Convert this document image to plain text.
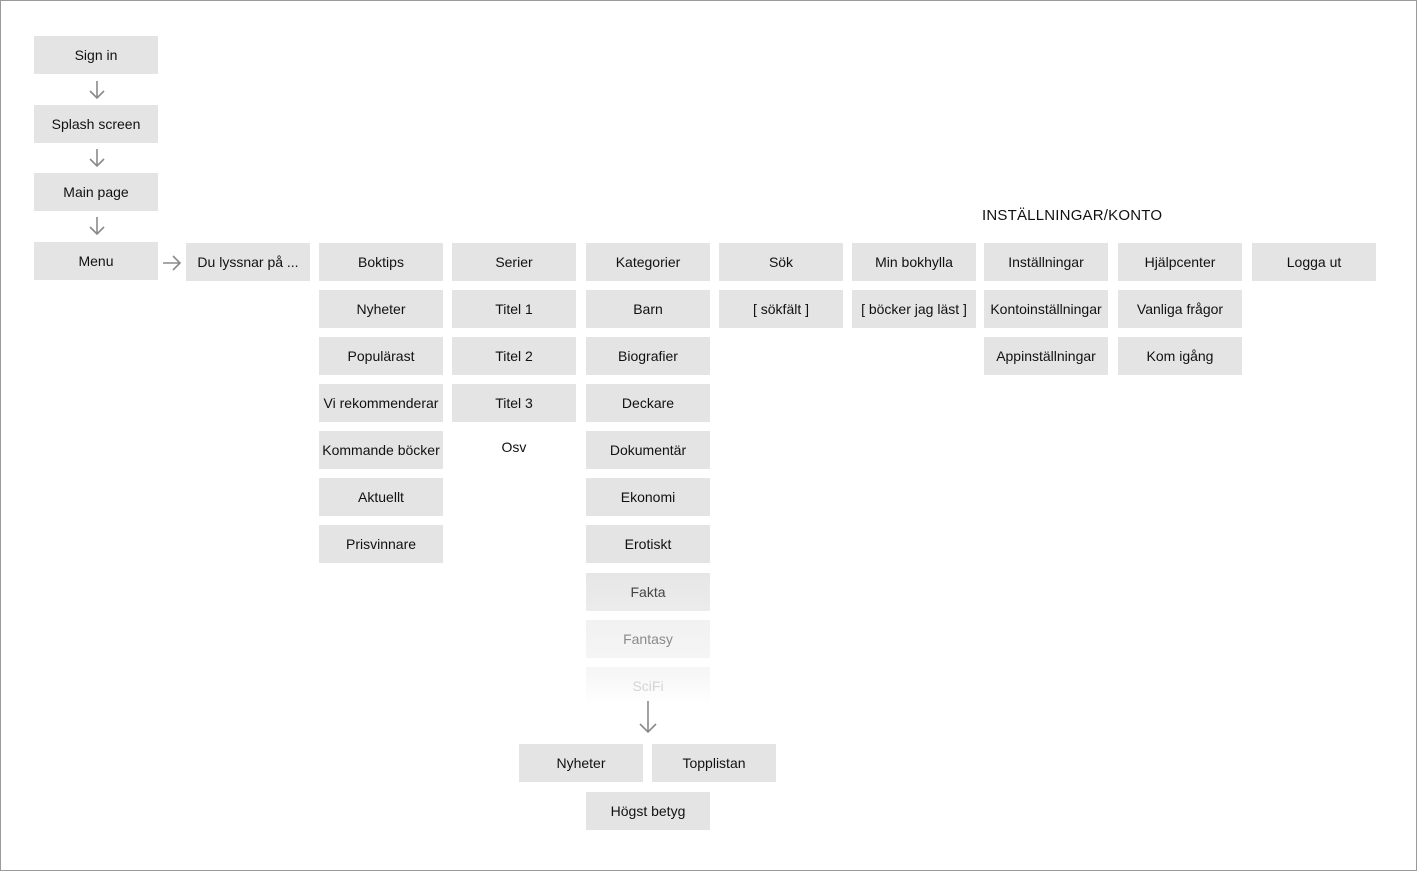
INSTÄLLNINGAR/KONTO
Sign in
Splash screen
Main page
Menu	Du lyssnar på ...	Boktips	Serier	Kategorier	Sök	Min bokhylla	Inställningar	Hjälpcenter	Logga ut
Nyheter
Populärast
Vi rekommenderar
Kommande böcker
Aktuellt
Prisvinnare
Titel 1
Titel 2
Titel 3
Osv
Barn
Biografier
Deckare
Dokumentär
Ekonomi
Erotiskt
Fakta
Fantasy
SciFi
Nyheter	Topplistan
Högst betyg
[ sökfält ]	[ böcker jag läst ]	Kontoinställningar
Appinställningar
Vanliga frågor
Kom igång
